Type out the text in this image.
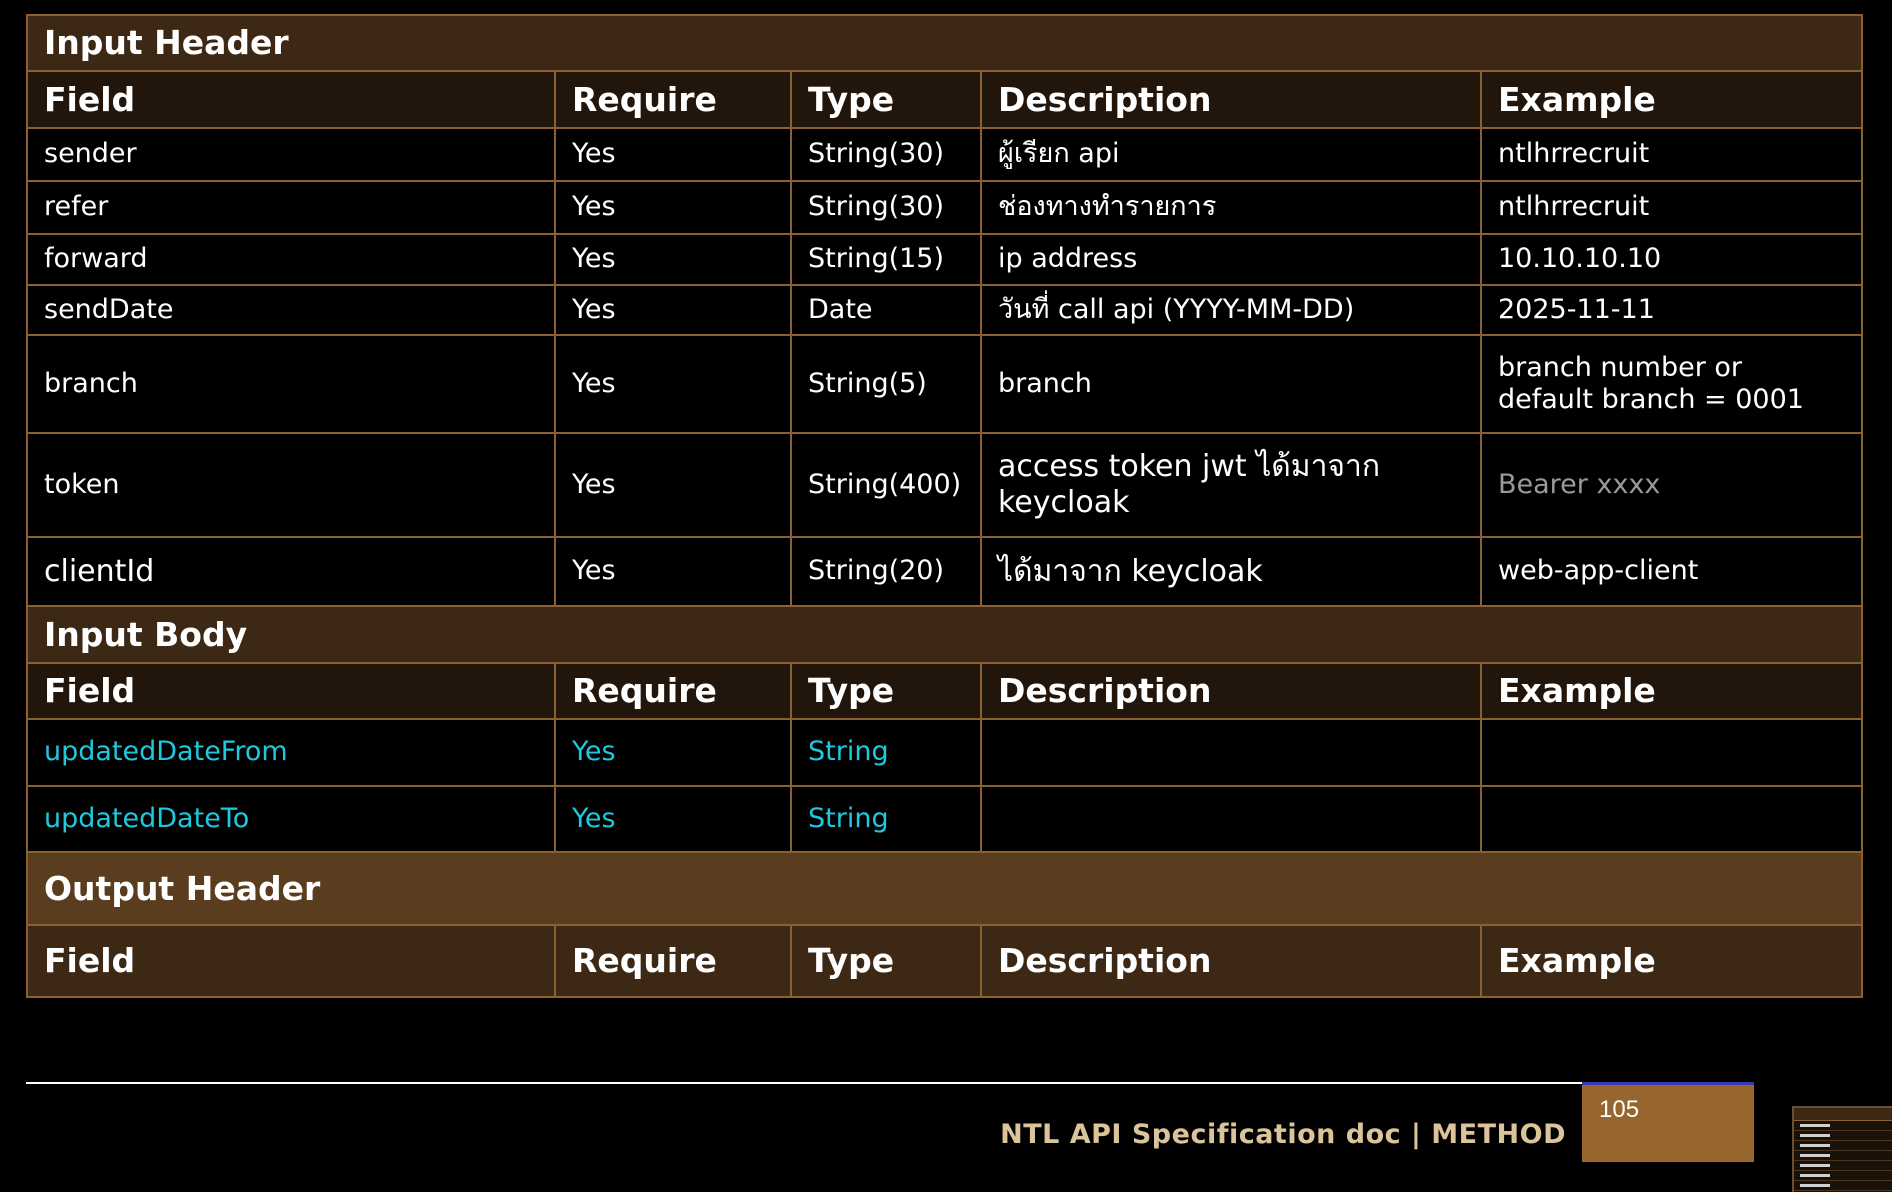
Input Header				
Field	Require	Type	Description	Example
sender	Yes	String(30)	ผู้เรียก api	ntlhrrecruit
refer	Yes	String(30)	ช่องทางทำรายการ	ntlhrrecruit
forward	Yes	String(15)	ip address	10.10.10.10
sendDate	Yes	Date	วันที่ call api (YYYY-MM-DD)	2025-11-11
branch	Yes	String(5)	branch	branch number or default branch = 0001
token	Yes	String(400)	access token jwt ได้มาจาก keycloak	Bearer xxxx
clientId	Yes	String(20)	ได้มาจาก keycloak	web-app-client
Input Body				
Field	Require	Type	Description	Example
updatedDateFrom	Yes	String		
updatedDateTo	Yes	String		
Output Header				
Field	Require	Type	Description	Example
NTL API Specification doc | METHOD
105
